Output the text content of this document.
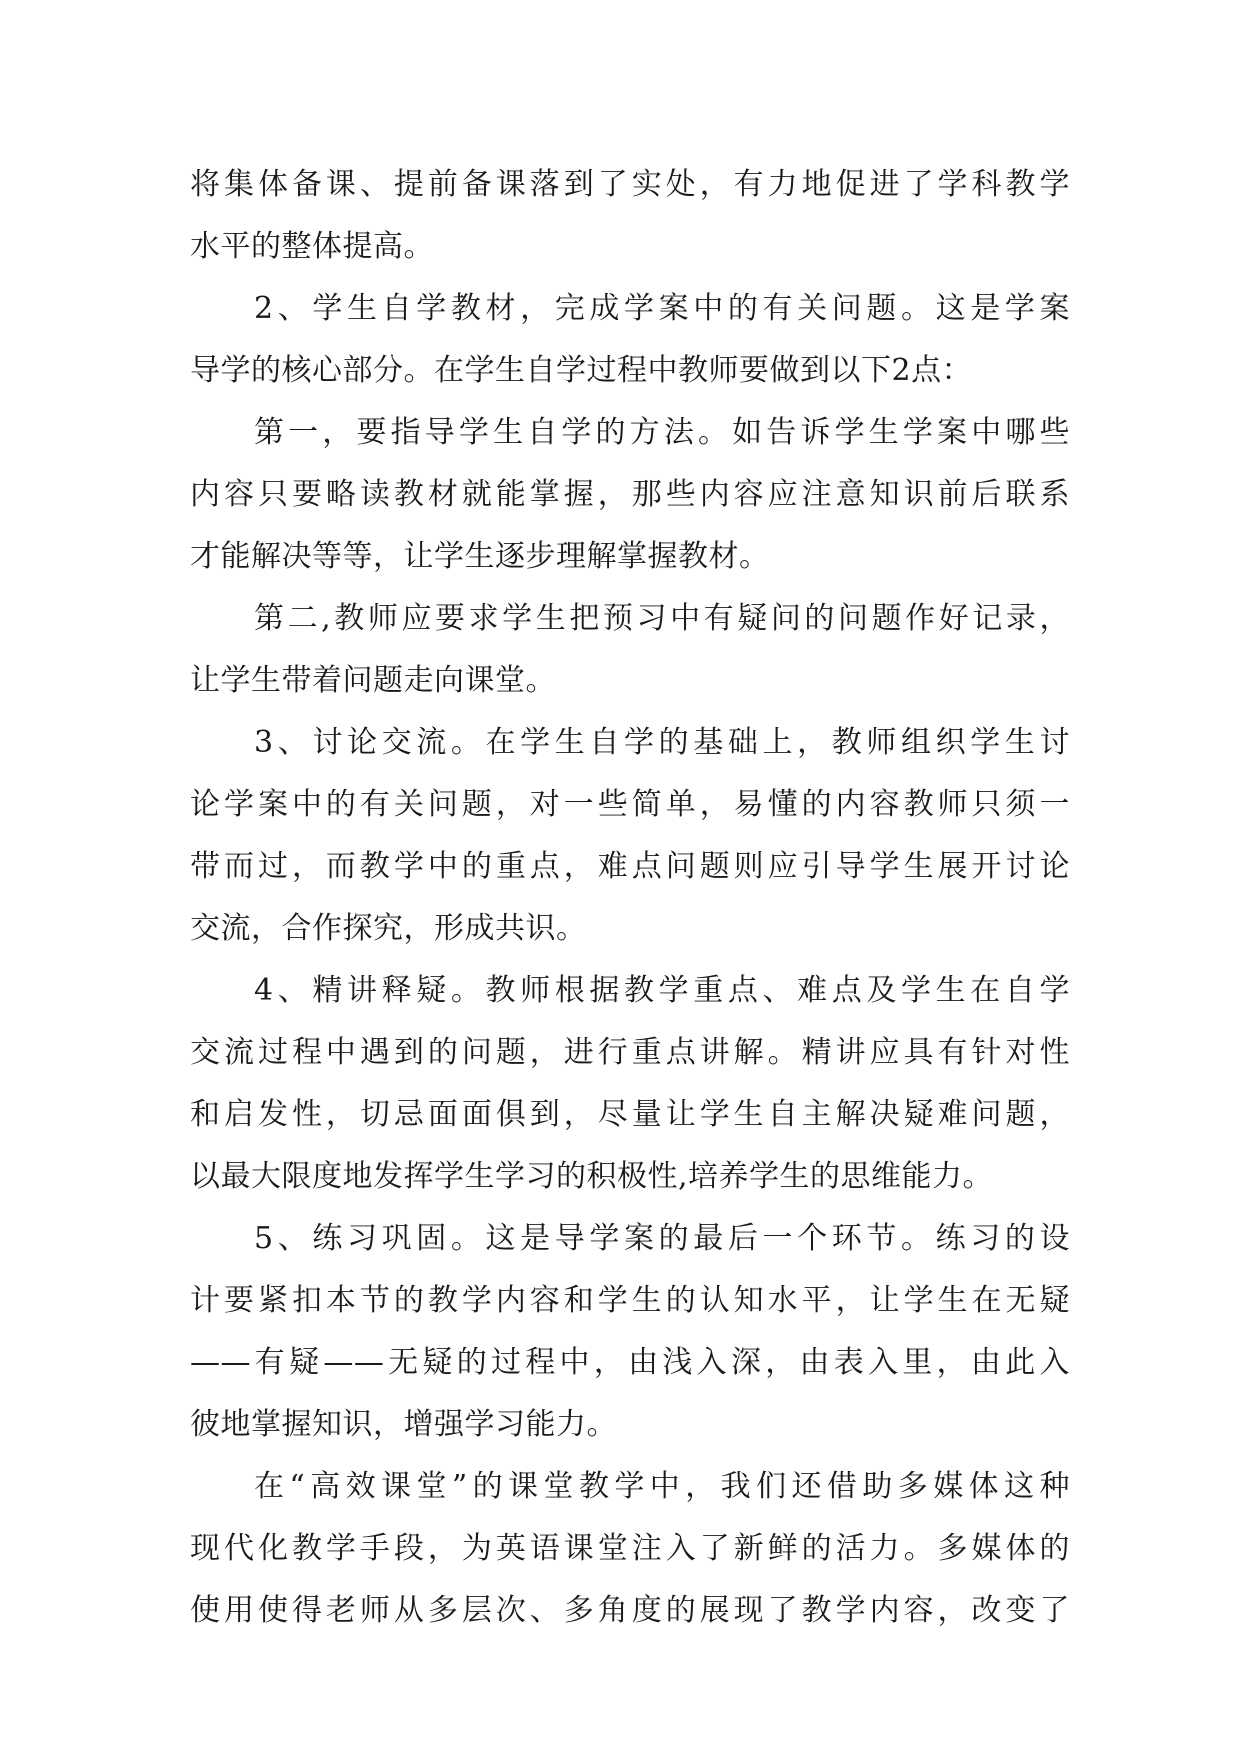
将集体备课、提前备课落到了实处，有力地促进了学科教学
水平的整体提高。
2、学生自学教材，完成学案中的有关问题。这是学案
导学的核心部分。在学生自学过程中教师要做到以下2点：
第一，要指导学生自学的方法。如告诉学生学案中哪些
内容只要略读教材就能掌握，那些内容应注意知识前后联系
才能解决等等，让学生逐步理解掌握教材。
第二,教师应要求学生把预习中有疑问的问题作好记录，
让学生带着问题走向课堂。
3、讨论交流。在学生自学的基础上，教师组织学生讨
论学案中的有关问题，对一些简单，易懂的内容教师只须一
带而过，而教学中的重点，难点问题则应引导学生展开讨论
交流，合作探究，形成共识。
4、精讲释疑。教师根据教学重点、难点及学生在自学
交流过程中遇到的问题，进行重点讲解。精讲应具有针对性
和启发性，切忌面面俱到，尽量让学生自主解决疑难问题，
以最大限度地发挥学生学习的积极性,培养学生的思维能力。
5、练习巩固。这是导学案的最后一个环节。练习的设
计要紧扣本节的教学内容和学生的认知水平，让学生在无疑
——有疑——无疑的过程中，由浅入深，由表入里，由此入
彼地掌握知识，增强学习能力。
在“高效课堂”的课堂教学中，我们还借助多媒体这种
现代化教学手段，为英语课堂注入了新鲜的活力。多媒体的
使用使得老师从多层次、多角度的展现了教学内容，改变了
